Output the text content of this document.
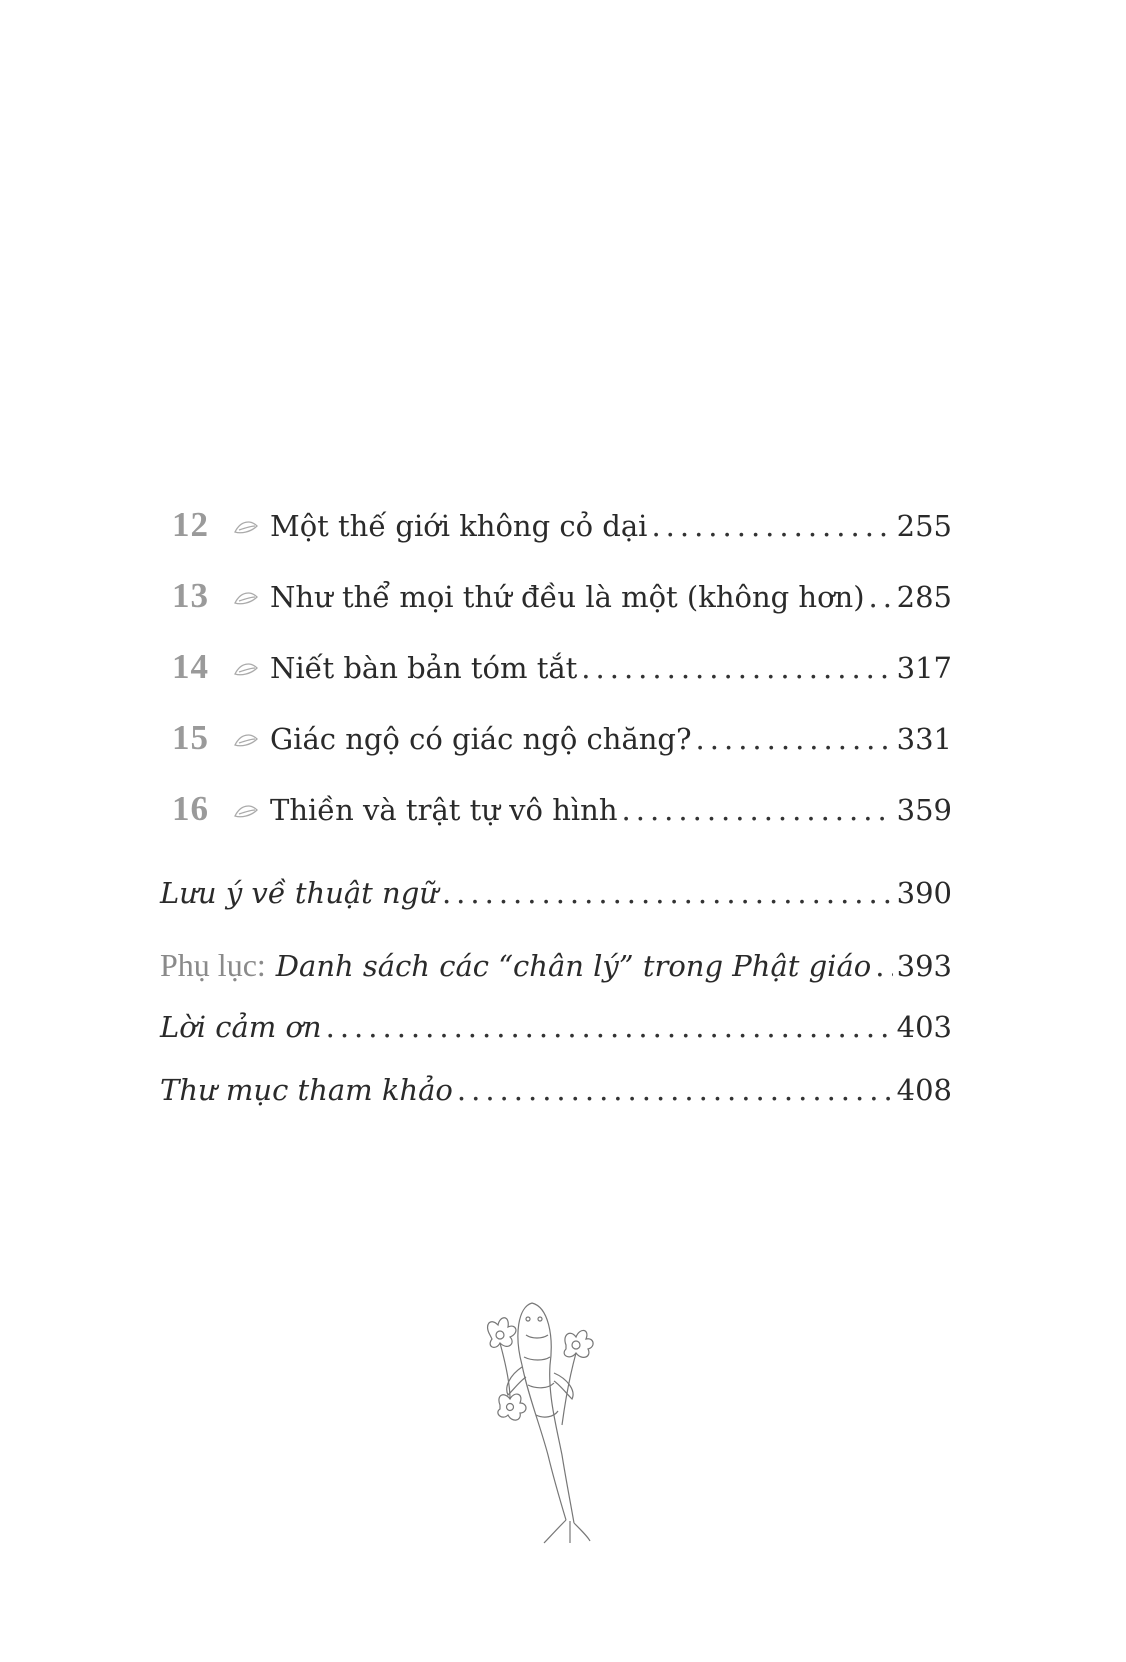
12	Một thế giới không cỏ dại .....	255
13	Như thể mọi thứ đều là một (không hơn) ..... 285
14	Niết bàn bản tóm tắt .....	317
15	Giác ngộ có giác ngộ chăng? .....	331
16	Thiền và trật tự vô hình .....	359
Lưu ý về thuật ngữ .....	390
Phụ lục: Danh sách các “chân lý” trong Phật giáo ..... 393
Lời cảm ơn .....	403
Thư mục tham khảo .....	408
